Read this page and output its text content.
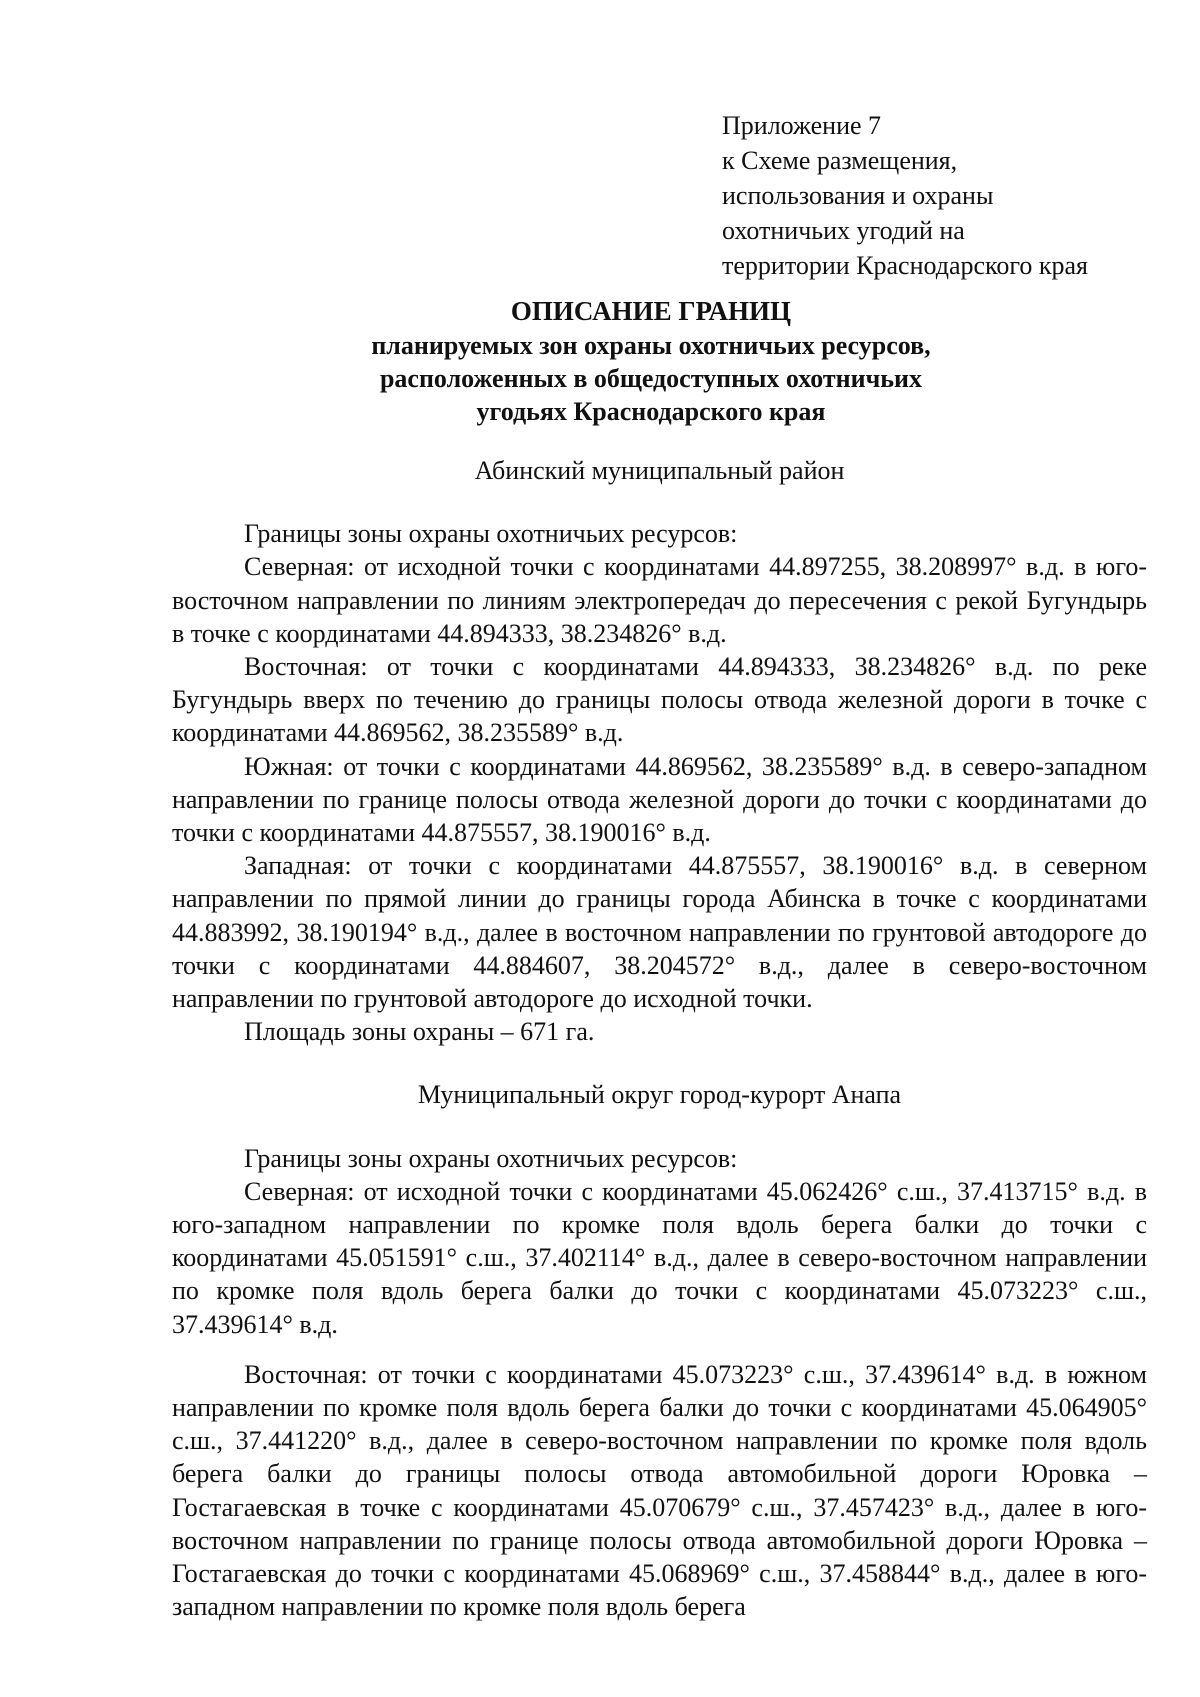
Приложение 7
к Схеме размещения,
использования и охраны
охотничьих угодий на
территории Краснодарского края
ОПИСАНИЕ ГРАНИЦ
планируемых зон охраны охотничьих ресурсов,
расположенных в общедоступных охотничьих
угодьях Краснодарского края

Абинский муниципальный район

Границы зоны охраны охотничьих ресурсов:

Северная: от исходной точки с координатами 44.897255, 38.208997° в.д. в юго-восточном направлении по линиям электропередач до пересечения с рекой Бугундырь в точке с координатами 44.894333, 38.234826° в.д.

Восточная: от точки с координатами 44.894333, 38.234826° в.д. по реке Бугундырь вверх по течению до границы полосы отвода железной дороги в точке с координатами 44.869562, 38.235589° в.д.

Южная: от точки с координатами 44.869562, 38.235589° в.д. в северо-западном направлении по границе полосы отвода железной дороги до точки с координатами до точки с координатами 44.875557, 38.190016° в.д.

Западная: от точки с координатами 44.875557, 38.190016° в.д. в северном направлении по прямой линии до границы города Абинска в точке с координатами 44.883992, 38.190194° в.д., далее в восточном направлении по грунтовой автодороге до точки с координатами 44.884607, 38.204572° в.д., далее в северо-восточном направлении по грунтовой автодороге до исходной точки.

Площадь зоны охраны – 671 га.

Муниципальный округ город-курорт Анапа

Границы зоны охраны охотничьих ресурсов:

Северная: от исходной точки с координатами 45.062426° с.ш., 37.413715° в.д. в юго-западном направлении по кромке поля вдоль берега балки до точки с координатами 45.051591° с.ш., 37.402114° в.д., далее в северо-восточном направлении по кромке поля вдоль берега балки до точки с координатами 45.073223° с.ш., 37.439614° в.д.

Восточная: от точки с координатами 45.073223° с.ш., 37.439614° в.д. в южном направлении по кромке поля вдоль берега балки до точки с координатами 45.064905° с.ш., 37.441220° в.д., далее в северо-восточном направлении по кромке поля вдоль берега балки до границы полосы отвода автомобильной дороги Юровка – Гостагаевская в точке с координатами 45.070679° с.ш., 37.457423° в.д., далее в юго-восточном направлении по границе полосы отвода автомобильной дороги Юровка – Гостагаевская до точки с координатами 45.068969° с.ш., 37.458844° в.д., далее в юго-западном направлении по кромке поля вдоль берега
